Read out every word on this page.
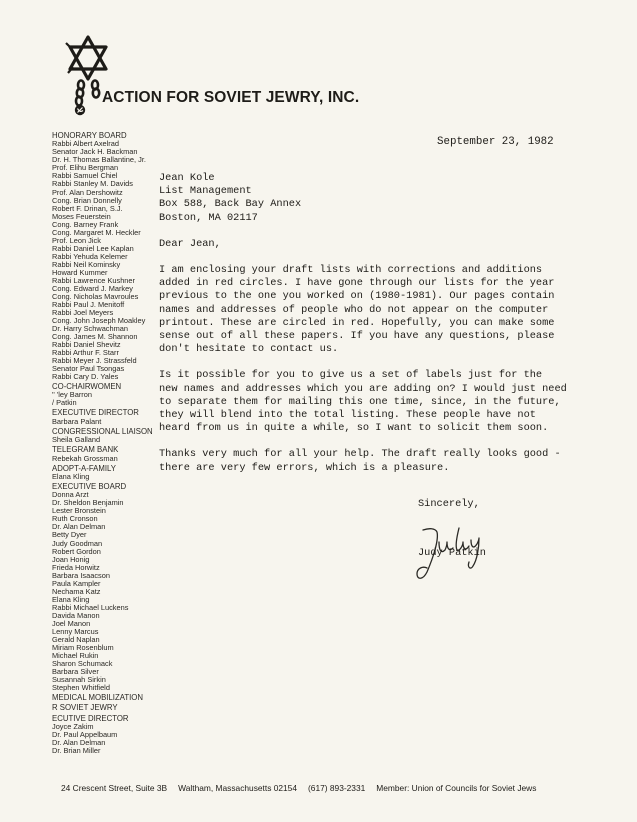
ACTION FOR SOVIET JEWRY, INC.
HONORARY BOARD
Rabbi Albert Axelrad
Senator Jack H. Backman
Dr. H. Thomas Ballantine, Jr.
Prof. Elihu Bergman
Rabbi Samuel Chiel
Rabbi Stanley M. Davids
Prof. Alan Dershowitz
Cong. Brian Donnelly
Robert F. Drinan, S.J.
Moses Feuerstein
Cong. Barney Frank
Cong. Margaret M. Heckler
Prof. Leon Jick
Rabbi Daniel Lee Kaplan
Rabbi Yehuda Kelemer
Rabbi Neil Kominsky
Howard Kummer
Rabbi Lawrence Kushner
Cong. Edward J. Markey
Cong. Nicholas Mavroules
Rabbi Paul J. Menitoff
Rabbi Joel Meyers
Cong. John Joseph Moakley
Dr. Harry Schwachman
Cong. James M. Shannon
Rabbi Daniel Shevitz
Rabbi Arthur F. Starr
Rabbi Meyer J. Strassfeld
Senator Paul Tsongas
Rabbi Cary D. Yales
CO-CHAIRWOMEN
'' 'ley Barron
/ Patkin
EXECUTIVE DIRECTOR
Barbara Palant
CONGRESSIONAL LIAISON
Sheila Galland
TELEGRAM BANK
Rebekah Grossman
ADOPT-A-FAMILY
Elana Kling
EXECUTIVE BOARD
Donna Arzt
Dr. Sheldon Benjamin
Lester Bronstein
Ruth Cronson
Dr. Alan Delman
Betty Dyer
Judy Goodman
Robert Gordon
Joan Honig
Frieda Horwitz
Barbara Isaacson
Paula Kampler
Nechama Katz
Elana Kling
Rabbi Michael Luckens
Davida Manon
Joel Manon
Lenny Marcus
Gerald Naplan
Miriam Rosenblum
Michael Rukin
Sharon Schumack
Barbara Silver
Susannah Sirkin
Stephen Whitfield
MEDICAL MOBILIZATION
R SOVIET JEWRY
ECUTIVE DIRECTOR
Joyce Zakim
Dr. Paul Appelbaum
Dr. Alan Delman
Dr. Brian Miller
September 23, 1982
Jean Kole
List Management
Box 588, Back Bay Annex
Boston, MA 02117
Dear Jean,
I am enclosing your draft lists with corrections and additions
added in red circles. I have gone through our lists for the year
previous to the one you worked on (1980-1981). Our pages contain
names and addresses of people who do not appear on the computer
printout. These are circled in red. Hopefully, you can make some
sense out of all these papers. If you have any questions, please
don't hesitate to contact us.
Is it possible for you to give us a set of labels just for the
new names and addresses which you are adding on? I would just need
to separate them for mailing this one time, since, in the future,
they will blend into the total listing. These people have not
heard from us in quite a while, so I want to solicit them soon.
Thanks very much for all your help. The draft really looks good -
there are very few errors, which is a pleasure.
Sincerely,
Judy Patkin
24 Crescent Street, Suite 3B Waltham, Massachusetts 02154 (617) 893-2331 Member: Union of Councils for Soviet Jews
